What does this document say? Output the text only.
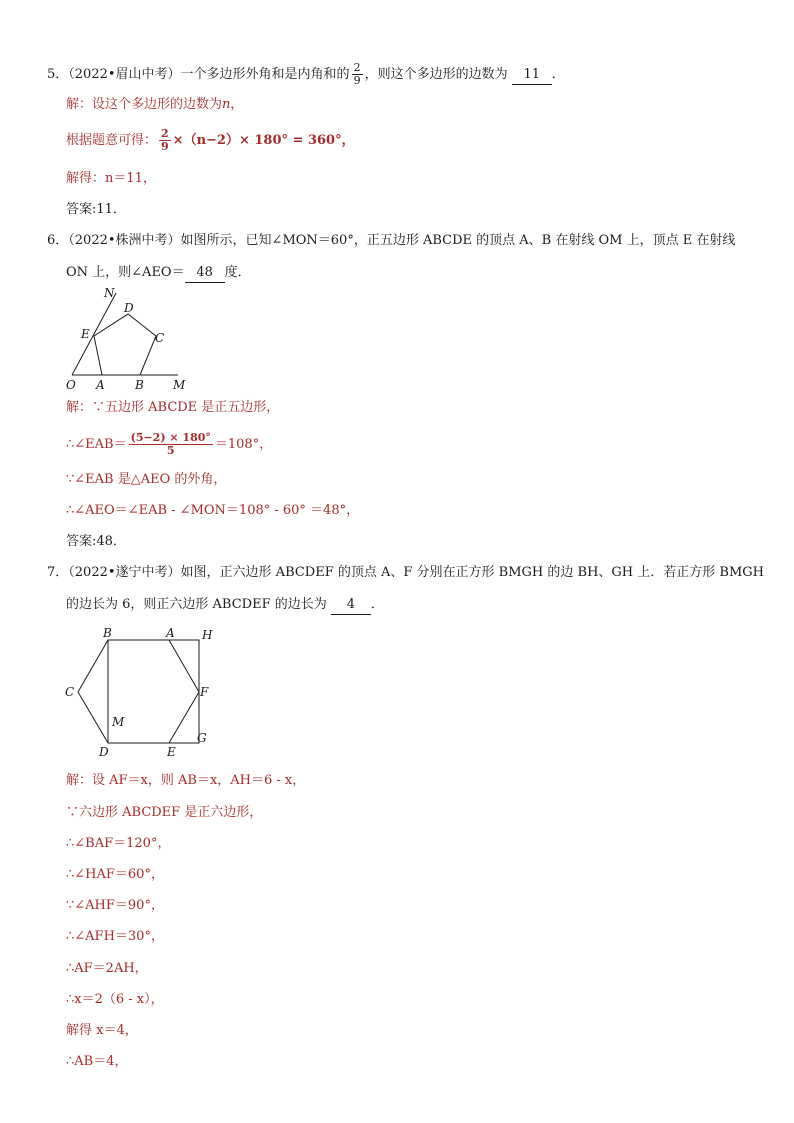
5．（2022•眉山中考）一个多边形外角和是内角和的 $\frac{2}{9}$ ，则这个多边形的边数为 11 ．
解：设这个多边形的边数为n，
根据题意可得： $\frac{2}{9} \times(n-2)\times 180^\circ = 360^\circ$，
解得：n＝11，
答案:11．
6．（2022•株洲中考）如图所示，已知∠MON＝60°，正五边形 ABCDE 的顶点 A、B 在射线 OM 上，顶点 E 在射线
ON 上，则∠AEO＝ 48 度．
N
D
E	C
O A	B M
解：∵五边形 ABCDE 是正五边形，
∴∠EAB＝ $\frac{(5-2) \times 180^\circ}{5} =108^\circ$，
∵∠EAB 是△AEO 的外角，
∴∠AEO＝∠EAB - ∠MON＝108° - 60° ＝48°，
答案:48．
7．（2022•遂宁中考）如图，正六边形 ABCDEF 的顶点 A、F 分别在正方形 BMGH 的边 BH、GH 上．若正方形 BMGH
的边长为 6，则正六边形 ABCDEF 的边长为 4 ．
B	A H
C	F
M
D	E
G
解：设 AF＝x，则 AB＝x，AH＝6 - x，
∵六边形 ABCDEF 是正六边形，
∴∠BAF＝120°，
∴∠HAF＝60°，
∵∠AHF＝90°，
∴∠AFH＝30°，
∴AF＝2AH，
∴x＝2（6 - x），
解得 x＝4，
∴AB＝4，
